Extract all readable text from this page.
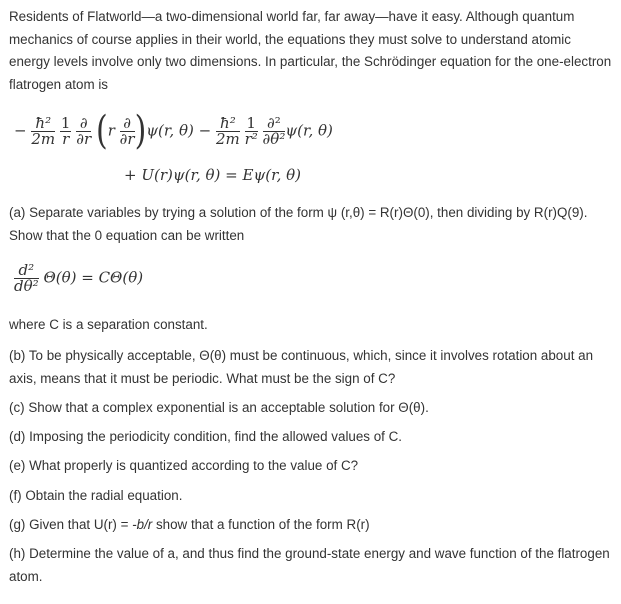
Residents of Flatworld—a two-dimensional world far, far away—have it easy. Although quantum mechanics of course applies in their world, the equations they must solve to understand atomic energy levels involve only two dimensions. In particular, the Schrödinger equation for the one-electron flatrogen atom is

− $\frac{\text{ħ²}}{2m}$
$\frac{1}{r}$
$\frac{\partial}{\partial r} (r \frac{\partial}{\partial r} )\psi(r$, $\theta) - \frac{\text{ħ²}}{2m}$
$\frac{1}{\text{r²}}$
$\frac{\text{∂²}}{\text{∂θ²}} \psi(r$, θ)
+ U(r)ψ(r, θ) = Eψ(r, θ)

(a) Separate variables by trying a solution of the form ψ (r,θ) = R(r)Θ(0), then dividing by R(r)Q(9). Show that the 0 equation can be written

$\frac{\text{d²}}{\text{dθ²}} \Theta(\theta) = C\Theta(\theta)$

where C is a separation constant.

(b) To be physically acceptable, Θ(θ) must be continuous, which, since it involves rotation about an axis, means that it must be periodic. What must be the sign of C?

(c) Show that a complex exponential is an acceptable solution for Θ(θ).

(d) Imposing the periodicity condition, find the allowed values of C.

(e) What properly is quantized according to the value of C?

(f) Obtain the radial equation.

(g) Given that U(r) = -b/r show that a function of the form R(r)

(h) Determine the value of a, and thus find the ground-state energy and wave function of the flatrogen atom.
